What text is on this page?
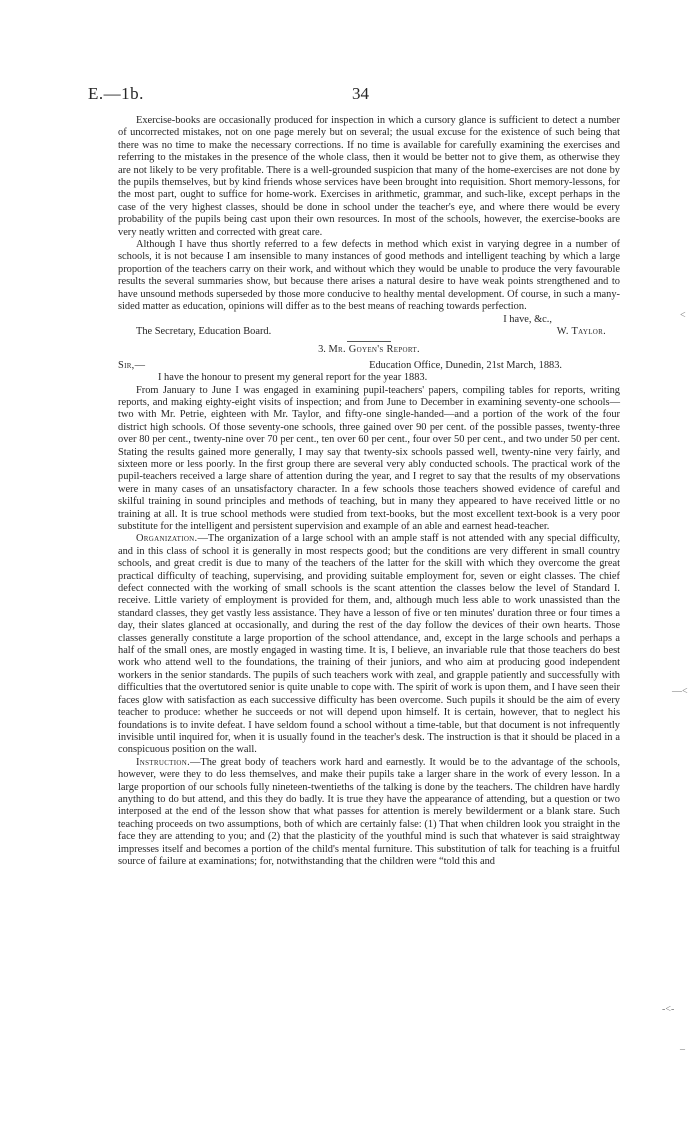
E.—1b.	34

Exercise-books are occasionally produced for inspection in which a cursory glance is sufficient to detect a number of uncorrected mistakes, not on one page merely but on several; the usual excuse for the existence of such being that there was no time to make the necessary corrections. If no time is available for carefully examining the exercises and referring to the mistakes in the presence of the whole class, then it would be better not to give them, as otherwise they are not likely to be very profitable. There is a well-grounded suspicion that many of the home-exercises are not done by the pupils themselves, but by kind friends whose services have been brought into requisition. Short memory-lessons, for the most part, ought to suffice for home-work. Exercises in arithmetic, grammar, and such-like, except perhaps in the case of the very highest classes, should be done in school under the teacher's eye, and where there would be every probability of the pupils being cast upon their own resources. In most of the schools, however, the exercise-books are very neatly written and corrected with great care.

Although I have thus shortly referred to a few defects in method which exist in varying degree in a number of schools, it is not because I am insensible to many instances of good methods and intelligent teaching by which a large proportion of the teachers carry on their work, and without which they would be unable to produce the very favourable results the several summaries show, but because there arises a natural desire to have weak points strengthened and to have unsound methods superseded by those more conducive to healthy mental development. Of course, in such a many-sided matter as education, opinions will differ as to the best means of reaching towards perfection.

I have, &c.,
The Secretary, Education Board.	W. Taylor.
3. Mr. Goyen's Report.
Sir,—	Education Office, Dunedin, 21st March, 1883.

I have the honour to present my general report for the year 1883.

From January to June I was engaged in examining pupil-teachers' papers, compiling tables for reports, writing reports, and making eighty-eight visits of inspection; and from June to December in examining seventy-one schools—two with Mr. Petrie, eighteen with Mr. Taylor, and fifty-one single-handed—and a portion of the work of the four district high schools. Of those seventy-one schools, three gained over 90 per cent. of the possible passes, twenty-three over 80 per cent., twenty-nine over 70 per cent., ten over 60 per cent., four over 50 per cent., and two under 50 per cent. Stating the results gained more generally, I may say that twenty-six schools passed well, twenty-nine very fairly, and sixteen more or less poorly. In the first group there are several very ably conducted schools. The practical work of the pupil-teachers received a large share of attention during the year, and I regret to say that the results of my observations were in many cases of an unsatisfactory character. In a few schools those teachers showed evidence of careful and skilful training in sound principles and methods of teaching, but in many they appeared to have received little or no training at all. It is true school methods were studied from text-books, but the most excellent text-book is a very poor substitute for the intelligent and persistent supervision and example of an able and earnest head-teacher.

Organization.—The organization of a large school with an ample staff is not attended with any special difficulty, and in this class of school it is generally in most respects good; but the conditions are very different in small country schools, and great credit is due to many of the teachers of the latter for the skill with which they overcome the great practical difficulty of teaching, supervising, and providing suitable employment for, seven or eight classes. The chief defect connected with the working of small schools is the scant attention the classes below the level of Standard I. receive. Little variety of employment is provided for them, and, although much less able to work unassisted than the standard classes, they get vastly less assistance. They have a lesson of five or ten minutes' duration three or four times a day, their slates glanced at occasionally, and during the rest of the day follow the devices of their own hearts. Those classes generally constitute a large proportion of the school attendance, and, except in the large schools and perhaps a half of the small ones, are mostly engaged in wasting time. It is, I believe, an invariable rule that those teachers do best work who attend well to the foundations, the training of their juniors, and who aim at producing good independent workers in the senior standards. The pupils of such teachers work with zeal, and grapple patiently and successfully with difficulties that the overtutored senior is quite unable to cope with. The spirit of work is upon them, and I have seen their faces glow with satisfaction as each successive difficulty has been overcome. Such pupils it should be the aim of every teacher to produce: whether he succeeds or not will depend upon himself. It is certain, however, that to neglect his foundations is to invite defeat. I have seldom found a school without a time-table, but that document is not infrequently invisible until inquired for, when it is usually found in the teacher's desk. The instruction is that it should be placed in a conspicuous position on the wall.

Instruction.—The great body of teachers work hard and earnestly. It would be to the advantage of the schools, however, were they to do less themselves, and make their pupils take a larger share in the work of every lesson. In a large proportion of our schools fully nineteen-twentieths of the talking is done by the teachers. The children have hardly anything to do but attend, and this they do badly. It is true they have the appearance of attending, but a question or two interposed at the end of the lesson show that what passes for attention is merely bewilderment or a blank stare. Such teaching proceeds on two assumptions, both of which are certainly false: (1) That when children look you straight in the face they are attending to you; and (2) that the plasticity of the youthful mind is such that whatever is said straightway impresses itself and becomes a portion of the child's mental furniture. This substitution of talk for teaching is a fruitful source of failure at examinations; for, notwithstanding that the children were “told this and

˂
—˂
‐˂‐
‒
